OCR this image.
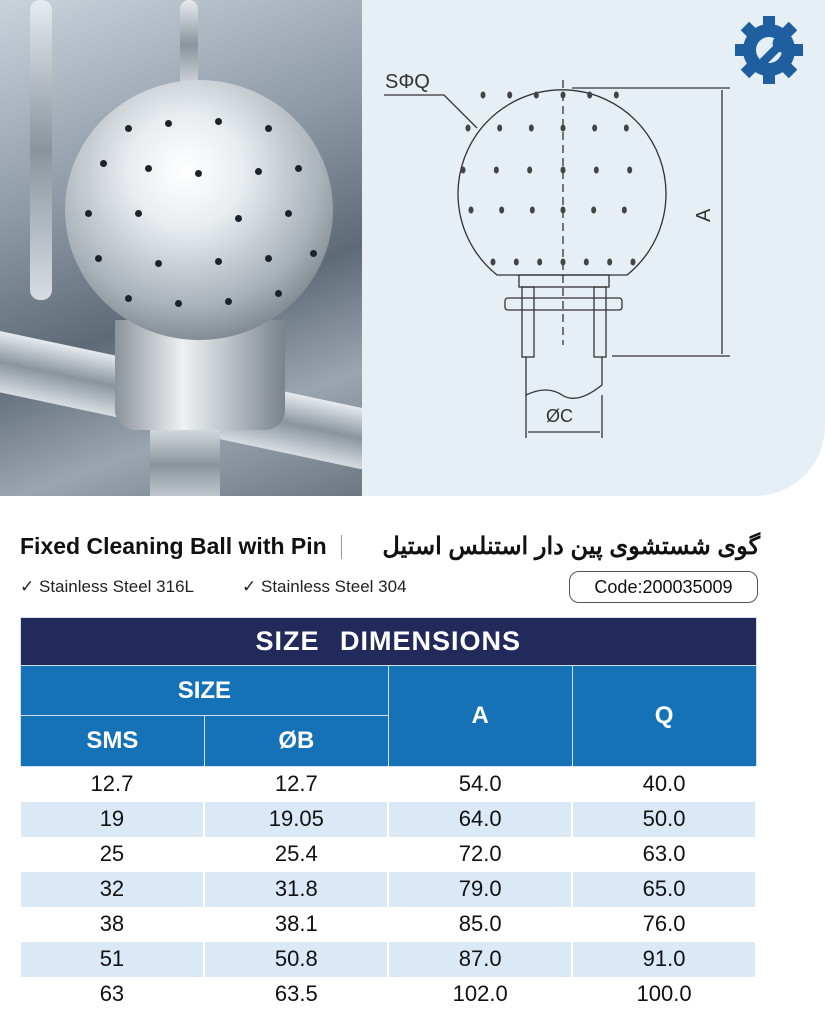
SΦQ
A
ØC
Fixed Cleaning Ball with Pin	گوی شستشوی پین دار استنلس استیل
✓ Stainless Steel 316L	✓ Stainless Steel 304	Code:200035009
SIZE DIMENSIONS			
SIZE		A	Q
SMS	ØB		
12.7	12.7	54.0	40.0
19	19.05	64.0	50.0
25	25.4	72.0	63.0
32	31.8	79.0	65.0
38	38.1	85.0	76.0
51	50.8	87.0	91.0
63	63.5	102.0	100.0
